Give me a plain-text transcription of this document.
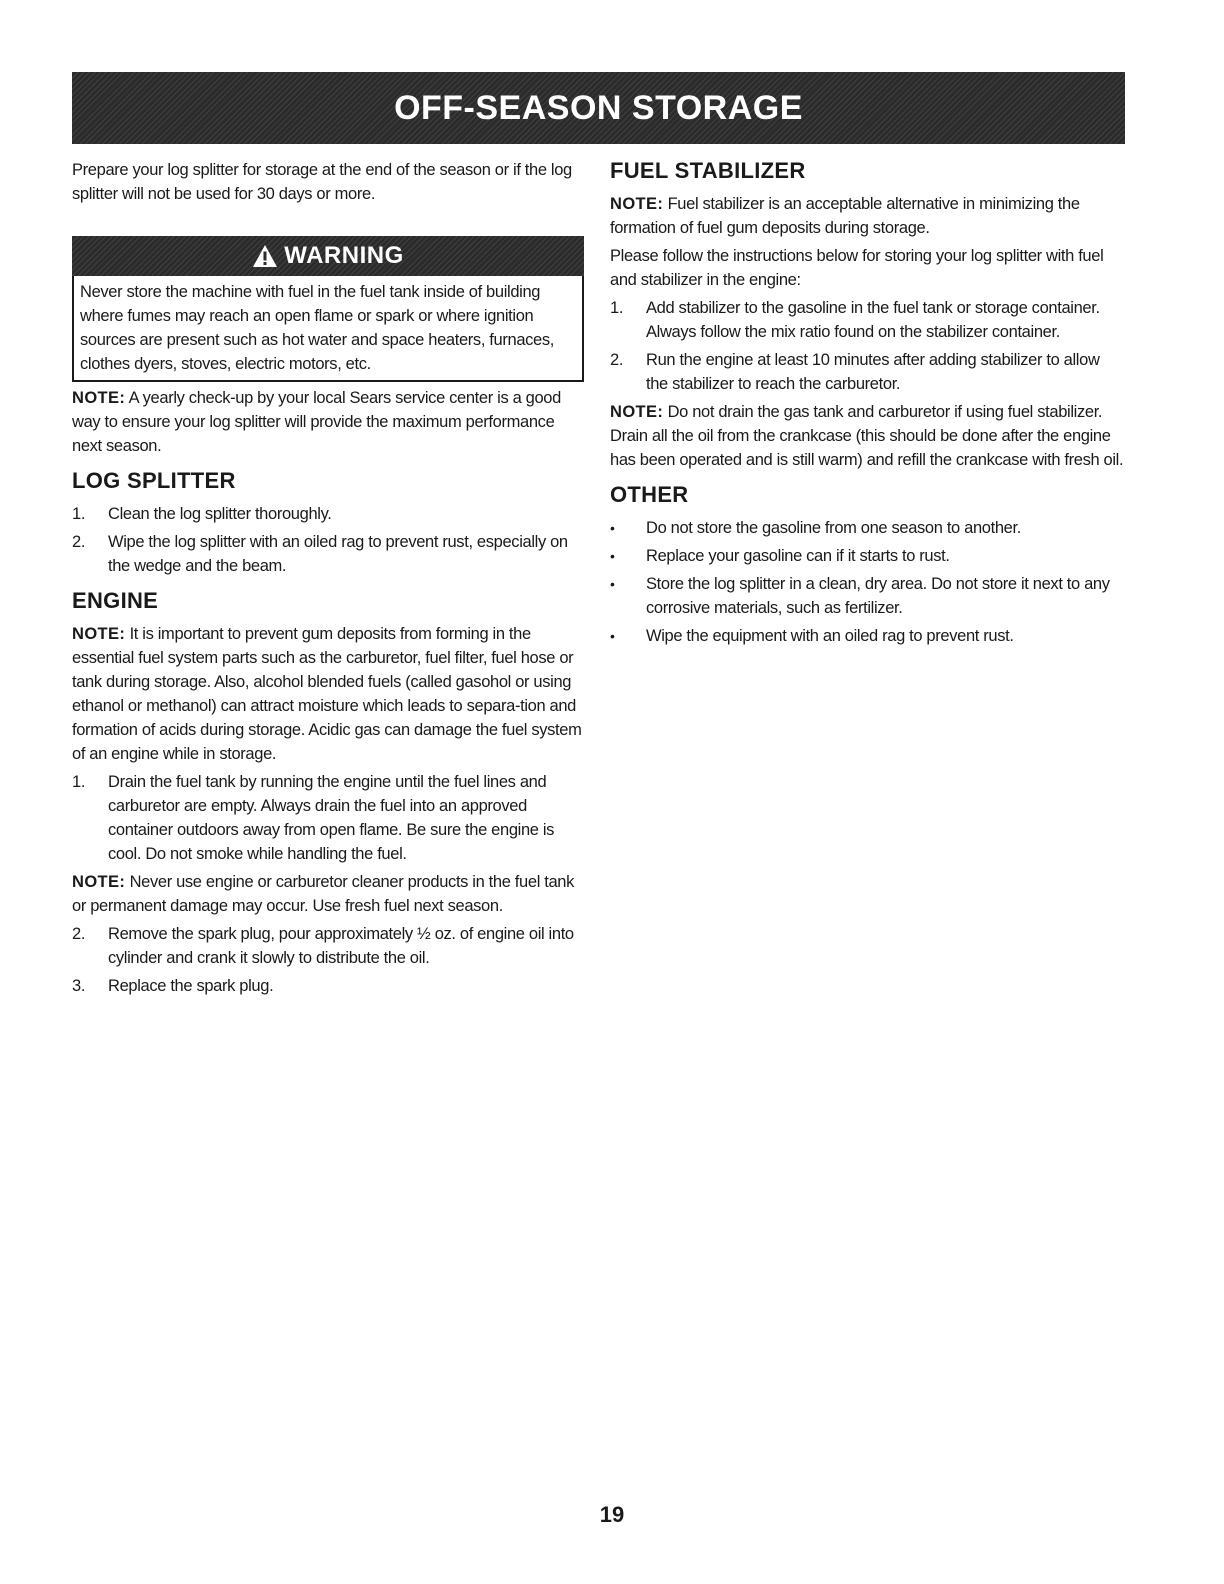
OFF-SEASON STORAGE

Prepare your log splitter for storage at the end of the season or if the log splitter will not be used for 30 days or more.

WARNING

Never store the machine with fuel in the fuel tank inside of building where fumes may reach an open flame or spark or where ignition sources are present such as hot water and space heaters, furnaces, clothes dyers, stoves, electric motors, etc.

NOTE: A yearly check-up by your local Sears service center is a good way to ensure your log splitter will provide the maximum performance next season.

LOG SPLITTER
1. Clean the log splitter thoroughly.
2. Wipe the log splitter with an oiled rag to prevent rust, especially on the wedge and the beam.
ENGINE

NOTE: It is important to prevent gum deposits from forming in the essential fuel system parts such as the carburetor, fuel filter, fuel hose or tank during storage. Also, alcohol blended fuels (called gasohol or using ethanol or methanol) can attract moisture which leads to separa-tion and formation of acids during storage. Acidic gas can damage the fuel system of an engine while in storage.

1. Drain the fuel tank by running the engine until the fuel lines and carburetor are empty. Always drain the fuel into an approved container outdoors away from open flame. Be sure the engine is cool. Do not smoke while handling the fuel.

NOTE: Never use engine or carburetor cleaner products in the fuel tank or permanent damage may occur. Use fresh fuel next season.

2. Remove the spark plug, pour approximately ½ oz. of engine oil into cylinder and crank it slowly to distribute the oil.
3. Replace the spark plug.
FUEL STABILIZER

NOTE: Fuel stabilizer is an acceptable alternative in minimizing the formation of fuel gum deposits during storage.

Please follow the instructions below for storing your log splitter with fuel and stabilizer in the engine:

1. Add stabilizer to the gasoline in the fuel tank or storage container. Always follow the mix ratio found on the stabilizer container.
2. Run the engine at least 10 minutes after adding stabilizer to allow the stabilizer to reach the carburetor.

NOTE: Do not drain the gas tank and carburetor if using fuel stabilizer. Drain all the oil from the crankcase (this should be done after the engine has been operated and is still warm) and refill the crankcase with fresh oil.

OTHER
• Do not store the gasoline from one season to another.
• Replace your gasoline can if it starts to rust.
• Store the log splitter in a clean, dry area. Do not store it next to any corrosive materials, such as fertilizer.
• Wipe the equipment with an oiled rag to prevent rust.
19
